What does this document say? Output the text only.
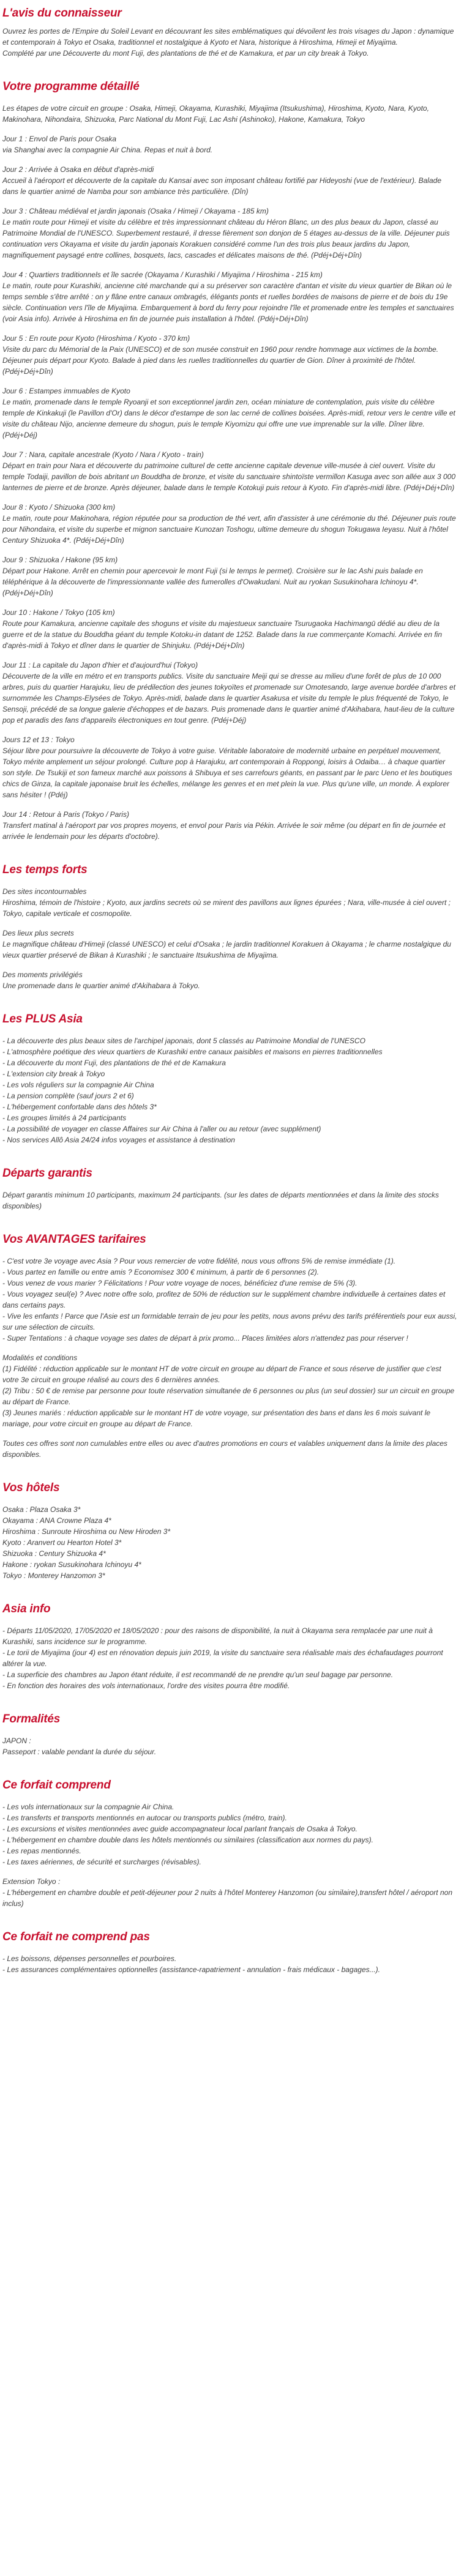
L'avis du connaisseur

Ouvrez les portes de l'Empire du Soleil Levant en découvrant les sites emblématiques qui dévoilent les trois visages du Japon : dynamique et contemporain à Tokyo et Osaka, traditionnel et nostalgique à Kyoto et Nara, historique à Hiroshima, Himeji et Miyajima.

Complété par une Découverte du mont Fuji, des plantations de thé et de Kamakura, et par un city break à Tokyo.

Votre programme détaillé

Les étapes de votre circuit en groupe : Osaka, Himeji, Okayama, Kurashiki, Miyajima (Itsukushima), Hiroshima, Kyoto, Nara, Kyoto, Makinohara, Nihondaira, Shizuoka, Parc National du Mont Fuji, Lac Ashi (Ashinoko), Hakone, Kamakura, Tokyo

Jour 1 : Envol de Paris pour Osaka

via Shanghai avec la compagnie Air China. Repas et nuit à bord.

Jour 2 : Arrivée à Osaka en début d'après-midi

Accueil à l'aéroport et découverte de la capitale du Kansai avec son imposant château fortifié par Hideyoshi (vue de l'extérieur). Balade dans le quartier animé de Namba pour son ambiance très particulière. (Dîn)

Jour 3 : Château médiéval et jardin japonais (Osaka / Himeji / Okayama - 185 km)

Le matin route pour Himeji et visite du célèbre et très impressionnant château du Héron Blanc, un des plus beaux du Japon, classé au Patrimoine Mondial de l'UNESCO. Superbement restauré, il dresse fièrement son donjon de 5 étages au-dessus de la ville. Déjeuner puis continuation vers Okayama et visite du jardin japonais Korakuen considéré comme l'un des trois plus beaux jardins du Japon, magnifiquement paysagé entre collines, bosquets, lacs, cascades et délicates maisons de thé. (Pdéj+Déj+Dîn)

Jour 4 : Quartiers traditionnels et île sacrée (Okayama / Kurashiki / Miyajima / Hiroshima - 215 km)

Le matin, route pour Kurashiki, ancienne cité marchande qui a su préserver son caractère d'antan et visite du vieux quartier de Bikan où le temps semble s'être arrêté : on y flâne entre canaux ombragés, élégants ponts et ruelles bordées de maisons de pierre et de bois du 19e siècle. Continuation vers l'île de Miyajima. Embarquement à bord du ferry pour rejoindre l'île et promenade entre les temples et sanctuaires (voir Asia info). Arrivée à Hiroshima en fin de journée puis installation à l'hôtel. (Pdéj+Déj+Dîn)

Jour 5 : En route pour Kyoto (Hiroshima / Kyoto - 370 km)

Visite du parc du Mémorial de la Paix (UNESCO) et de son musée construit en 1960 pour rendre hommage aux victimes de la bombe. Déjeuner puis départ pour Kyoto. Balade à pied dans les ruelles traditionnelles du quartier de Gion. Dîner à proximité de l'hôtel. (Pdéj+Déj+Dîn)

Jour 6 : Estampes immuables de Kyoto

Le matin, promenade dans le temple Ryoanji et son exceptionnel jardin zen, océan miniature de contemplation, puis visite du célèbre temple de Kinkakuji (le Pavillon d'Or) dans le décor d'estampe de son lac cerné de collines boisées. Après-midi, retour vers le centre ville et visite du château Nijo, ancienne demeure du shogun, puis le temple Kiyomizu qui offre une vue imprenable sur la ville. Dîner libre. (Pdéj+Déj)

Jour 7 : Nara, capitale ancestrale (Kyoto / Nara / Kyoto - train)

Départ en train pour Nara et découverte du patrimoine culturel de cette ancienne capitale devenue ville-musée à ciel ouvert. Visite du temple Todaiji, pavillon de bois abritant un Bouddha de bronze, et visite du sanctuaire shintoïste vermillon Kasuga avec son allée aux 3 000 lanternes de pierre et de bronze. Après déjeuner, balade dans le temple Kotokuji puis retour à Kyoto. Fin d'après-midi libre. (Pdéj+Déj+Dîn)

Jour 8 : Kyoto / Shizuoka (300 km)

Le matin, route pour Makinohara, région réputée pour sa production de thé vert, afin d'assister à une cérémonie du thé. Déjeuner puis route pour Nihondaira, et visite du superbe et mignon sanctuaire Kunozan Toshogu, ultime demeure du shogun Tokugawa Ieyasu. Nuit à l'hôtel Century Shizuoka 4*. (Pdéj+Déj+Dîn)

Jour 9 : Shizuoka / Hakone (95 km)

Départ pour Hakone. Arrêt en chemin pour apercevoir le mont Fuji (si le temps le permet). Croisière sur le lac Ashi puis balade en téléphérique à la découverte de l'impressionnante vallée des fumerolles d'Owakudani. Nuit au ryokan Susukinohara Ichinoyu 4*. (Pdéj+Déj+Dîn)

Jour 10 : Hakone / Tokyo (105 km)

Route pour Kamakura, ancienne capitale des shoguns et visite du majestueux sanctuaire Tsurugaoka Hachimangū dédié au dieu de la guerre et de la statue du Bouddha géant du temple Kotoku-in datant de 1252. Balade dans la rue commerçante Komachi. Arrivée en fin d'après-midi à Tokyo et dîner dans le quartier de Shinjuku. (Pdéj+Déj+Dîn)

Jour 11 : La capitale du Japon d'hier et d'aujourd'hui (Tokyo)

Découverte de la ville en métro et en transports publics. Visite du sanctuaire Meiji qui se dresse au milieu d'une forêt de plus de 10 000 arbres, puis du quartier Harajuku, lieu de prédilection des jeunes tokyoïtes et promenade sur Omotesando, large avenue bordée d'arbres et surnommée les Champs-Elysées de Tokyo. Après-midi, balade dans le quartier Asakusa et visite du temple le plus fréquenté de Tokyo, le Sensoji, précédé de sa longue galerie d'échoppes et de bazars. Puis promenade dans le quartier animé d'Akihabara, haut-lieu de la culture pop et paradis des fans d'appareils électroniques en tout genre. (Pdéj+Déj)

Jours 12 et 13 : Tokyo

Séjour libre pour poursuivre la découverte de Tokyo à votre guise. Véritable laboratoire de modernité urbaine en perpétuel mouvement, Tokyo mérite amplement un séjour prolongé. Culture pop à Harajuku, art contemporain à Roppongi, loisirs à Odaiba… à chaque quartier son style. De Tsukiji et son fameux marché aux poissons à Shibuya et ses carrefours géants, en passant par le parc Ueno et les boutiques chics de Ginza, la capitale japonaise bruit les échelles, mélange les genres et en met plein la vue. Plus qu'une ville, un monde. À explorer sans hésiter ! (Pdéj)

Jour 14 : Retour à Paris (Tokyo / Paris)

Transfert matinal à l'aéroport par vos propres moyens, et envol pour Paris via Pékin. Arrivée le soir même (ou départ en fin de journée et arrivée le lendemain pour les départs d'octobre).

Les temps forts

Des sites incontournables

Hiroshima, témoin de l'histoire ; Kyoto, aux jardins secrets où se mirent des pavillons aux lignes épurées ; Nara, ville-musée à ciel ouvert ; Tokyo, capitale verticale et cosmopolite.

Des lieux plus secrets

Le magnifique château d'Himeji (classé UNESCO) et celui d'Osaka ; le jardin traditionnel Korakuen à Okayama ; le charme nostalgique du vieux quartier préservé de Bikan à Kurashiki ; le sanctuaire Itsukushima de Miyajima.

Des moments privilégiés

Une promenade dans le quartier animé d'Akihabara à Tokyo.

Les PLUS Asia

- La découverte des plus beaux sites de l'archipel japonais, dont 5 classés au Patrimoine Mondial de l'UNESCO

- L'atmosphère poétique des vieux quartiers de Kurashiki entre canaux paisibles et maisons en pierres traditionnelles

- La découverte du mont Fuji, des plantations de thé et de Kamakura

- L'extension city break à Tokyo

- Les vols réguliers sur la compagnie Air China

- La pension complète (sauf jours 2 et 6)

- L'hébergement confortable dans des hôtels 3*

- Les groupes limités à 24 participants

- La possibilité de voyager en classe Affaires sur Air China à l'aller ou au retour (avec supplément)

- Nos services Allô Asia 24/24 infos voyages et assistance à destination

Départs garantis

Départ garantis minimum 10 participants, maximum 24 participants. (sur les dates de départs mentionnées et dans la limite des stocks disponibles)

Vos AVANTAGES tarifaires

- C'est votre 3e voyage avec Asia ? Pour vous remercier de votre fidélité, nous vous offrons 5% de remise immédiate (1).

- Vous partez en famille ou entre amis ? Economisez 300 € minimum, à partir de 6 personnes (2).

- Vous venez de vous marier ? Félicitations ! Pour votre voyage de noces, bénéficiez d'une remise de 5% (3).

- Vous voyagez seul(e) ? Avec notre offre solo, profitez de 50% de réduction sur le supplément chambre individuelle à certaines dates et dans certains pays.

- Vive les enfants ! Parce que l'Asie est un formidable terrain de jeu pour les petits, nous avons prévu des tarifs préférentiels pour eux aussi, sur une sélection de circuits.

- Super Tentations : à chaque voyage ses dates de départ à prix promo... Places limitées alors n'attendez pas pour réserver !

Modalités et conditions

(1) Fidélité : réduction applicable sur le montant HT de votre circuit en groupe au départ de France et sous réserve de justifier que c'est votre 3e circuit en groupe réalisé au cours des 6 dernières années.

(2) Tribu : 50 € de remise par personne pour toute réservation simultanée de 6 personnes ou plus (un seul dossier) sur un circuit en groupe au départ de France.

(3) Jeunes mariés : réduction applicable sur le montant HT de votre voyage, sur présentation des bans et dans les 6 mois suivant le mariage, pour votre circuit en groupe au départ de France.

Toutes ces offres sont non cumulables entre elles ou avec d'autres promotions en cours et valables uniquement dans la limite des places disponibles.

Vos hôtels

Osaka : Plaza Osaka 3*

Okayama : ANA Crowne Plaza 4*

Hiroshima : Sunroute Hiroshima ou New Hiroden 3*

Kyoto : Aranvert ou Hearton Hotel 3*

Shizuoka : Century Shizuoka 4*

Hakone : ryokan Susukinohara Ichinoyu 4*

Tokyo : Monterey Hanzomon 3*

Asia info

- Départs 11/05/2020, 17/05/2020 et 18/05/2020 : pour des raisons de disponibilité, la nuit à Okayama sera remplacée par une nuit à Kurashiki, sans incidence sur le programme.

- Le torii de Miyajima (jour 4) est en rénovation depuis juin 2019, la visite du sanctuaire sera réalisable mais des échafaudages pourront altérer la vue.

- La superficie des chambres au Japon étant réduite, il est recommandé de ne prendre qu'un seul bagage par personne.

- En fonction des horaires des vols internationaux, l'ordre des visites pourra être modifié.

Formalités

JAPON :

Passeport : valable pendant la durée du séjour.

Ce forfait comprend

- Les vols internationaux sur la compagnie Air China.

- Les transferts et transports mentionnés en autocar ou transports publics (métro, train).

- Les excursions et visites mentionnées avec guide accompagnateur local parlant français de Osaka à Tokyo.

- L'hébergement en chambre double dans les hôtels mentionnés ou similaires (classification aux normes du pays).

- Les repas mentionnés.

- Les taxes aériennes, de sécurité et surcharges (révisables).

Extension Tokyo :

- L'hébergement en chambre double et petit-déjeuner pour 2 nuits à l'hôtel Monterey Hanzomon (ou similaire),transfert hôtel / aéroport non inclus)

Ce forfait ne comprend pas

- Les boissons, dépenses personnelles et pourboires.

- Les assurances complémentaires optionnelles (assistance-rapatriement - annulation - frais médicaux - bagages...).
